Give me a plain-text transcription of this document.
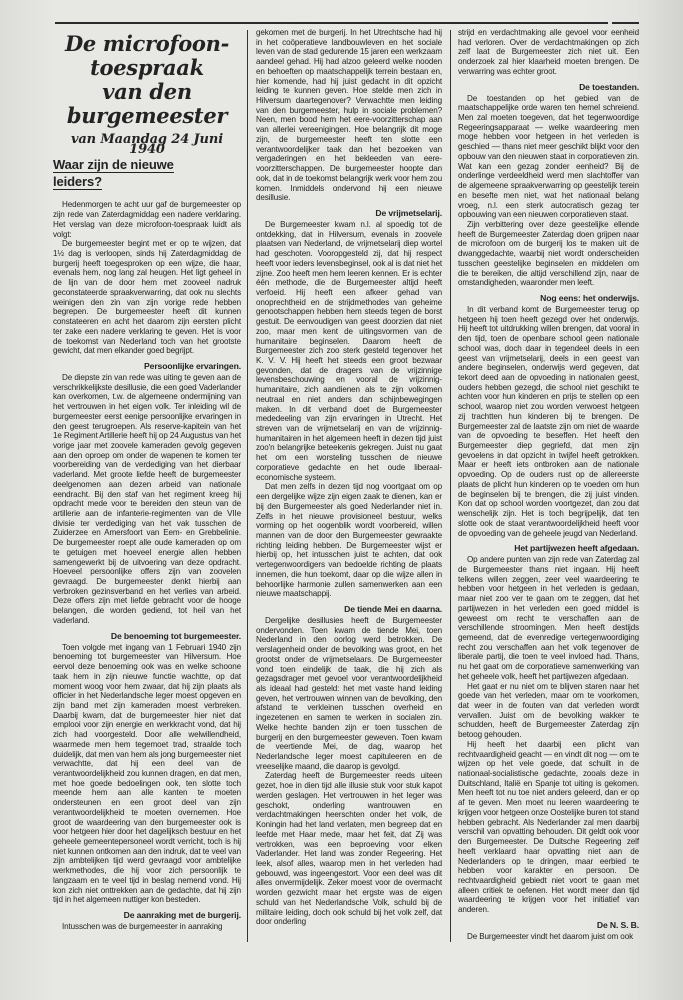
De microfoon-toespraak
van den
burgemeester
van Maandag 24 Juni 1940
Waar zijn de nieuwe
leiders?

Hedenmorgen te acht uur gaf de burgemeester op zijn rede van Zaterdagmiddag een nadere verklaring. Het verslag van deze microfoon-toespraak luidt als volgt:

De burgemeester begint met er op te wijzen, dat 1½ dag is verloopen, sinds hij Zaterdagmiddag de burgerij heeft toegesproken op een wijze, die haar, evenals hem, nog lang zal heugen. Het ligt geheel in de lijn van de door hem met zooveel nadruk geconstateerde spraakverwarring, dat ook nu slechts weinigen den zin van zijn vorige rede hebben begrepen. De burgemeester heeft dit kunnen constateeren en acht het daarom zijn eersten plicht ter zake een nadere verklaring te geven. Het is voor de toekomst van Nederland toch van het grootste gewicht, dat men elkander goed begrijpt.

Persoonlijke ervaringen.

De diepste zin van rede was uiting te geven aan de verschrikkelijkste desillusie, die een goed Vaderlander kan overkomen, t.w. de algemeene ondermijning van het vertrouwen in het eigen volk. Ter inleiding wil de burgemeester eerst eenige persoonlijke ervaringen in den geest terugroepen. Als reserve-kapitein van het 1e Regiment Artillerie heeft hij op 24 Augustus van het vorige jaar met zoovele kameraden gevolg gegeven aan den oproep om onder de wapenen te komen ter voorbereiding van de verdediging van het dierbaar vaderland. Met groote liefde heeft de burgemeester deelgenomen aan dezen arbeid van nationale eendracht. Bij den staf van het regiment kreeg hij opdracht mede voor te bereiden den steun van de artillerie aan de infanterie-regimenten van de VIIe divisie ter verdediging van het vak tusschen de Zuiderzee en Amersfoort van Eem- en Grebbelinie. De burgemeester roept alle oude kameraden op om te getuigen met hoeveel energie allen hebben samengewerkt bij de uitvoering van deze opdracht. Hoeveel persoonlijke offers zijn van zoovelen gevraagd. De burgemeester denkt hierbij aan verbroken gezinsverband en het verlies van arbeid. Deze offers zijn met liefde gebracht voor de hooge belangen, die worden gediend, tot heil van het vaderland.

De benoeming tot burgemeester.

Toen volgde met ingang van 1 Februari 1940 zijn benoeming tot burgemeester van Hilversum. Hoe eervol deze benoeming ook was en welke schoone taak hem in zijn nieuwe functie wachtte, op dat moment woog voor hem zwaar, dat hij zijn plaats als officier in het Nederlandsche leger moest opgeven en zijn band met zijn kameraden moest verbreken. Daarbij kwam, dat de burgemeester hier niet dat emplooi voor zijn energie en werkkracht vond, dat hij zich had voorgesteld. Door alle welwillendheid, waarmede men hem tegemoet trad, straalde toch duidelijk, dat men van hem als jong burgemeester niet verwachtte, dat hij een deel van de verantwoordelijkheid zou kunnen dragen, en dat men, met hoe goede bedoelingen ook, ten slotte toch meende hem aan alle kanten te moeten ondersteunen en een groot deel van zijn verantwoordelijkheid te moeten overnemen. Hoe groot de waardeering van den burgemeester ook is voor hetgeen hier door het dagelijksch bestuur en het geheele gemeentepersoneel wordt verricht, toch is hij niet kunnen ontkomen aan den indruk, dat te veel van zijn ambtelijken tijd werd gevraagd voor ambtelijke werkmethodes, die hij voor zich persoonlijk te langzaam en te veel tijd in beslag nemend vond. Hij kon zich niet onttrekken aan de gedachte, dat hij zijn tijd in het algemeen nuttiger kon besteden.

De aanraking met de burgerij.

Intusschen was de burgemeester in aanraking

gekomen met de burgerij. In het Utrechtsche had hij in het coöperatieve landbouwleven en het sociale leven van de stad gedurende 15 jaren een werkzaam aandeel gehad. Hij had alzoo geleerd welke nooden en behoeften op maatschappelijk terrein bestaan en, hier komende, had hij juist gedacht in dit opzicht leiding te kunnen geven. Hoe stelde men zich in Hilversum daartegenover? Verwachtte men leiding van den burgemeester, hulp in sociale problemen? Neen, men bood hem het eere-voorzitterschap aan van allerlei vereenigingen. Hoe belangrijk dit moge zijn, de burgemeester heeft ten slotte een verantwoordelijker taak dan het bezoeken van vergaderingen en het bekleeden van eere-voorzitterschappen. De burgemeester hoopte dan ook, dat in de toekomst belangrijk werk voor hem zou komen. Inmiddels ondervond hij een nieuwe desillusie.

De vrijmetselarij.

De Burgemeester kwam n.l. al spoedig tot de ontdekking, dat in Hilversum, evenals in zoovele plaatsen van Nederland, de vrijmetselarij diep wortel had geschoten. Vooropgesteld zij, dat hij respect heeft voor ieders levensbeginsel, ook al is dat niet het zijne. Zoo heeft men hem leeren kennen. Er is echter één methode, die de Burgemeester altijd heeft verfoeid. Hij heeft een afkeer gehad van onoprechtheid en de strijdmethodes van geheime genootschappen hebben hem steeds tegen de borst gestuit. De eenvoudigen van geest doorzien dat niet zoo, maar men kent de uitingsvormen van de humanitaire beginselen. Daarom heeft de Burgemeester zich zoo sterk gesteld tegenover het K. V. V. Hij heeft het steeds een groot bezwaar gevonden, dat de dragers van de vrijzinnige levensbeschouwing en vooral de vrijzinnig-humanitaire, zich aandienen als te zijn volkomen neutraal en niet anders dan schijnbewegingen maken. In dit verband doet de Burgemeester mededeeling van zijn ervaringen in Utrecht. Het streven van de vrijmetselarij en van de vrijzinnig-humanitairen in het algemeen heeft in dezen tijd juist zoo'n belangrijke beteekenis gekregen. Juist nu gaat het om een worsteling tusschen de nieuwe corporatieve gedachte en het oude liberaal-economische systeem.

Dat men zelfs in dezen tijd nog voortgaat om op een dergelijke wijze zijn eigen zaak te dienen, kan er bij den Burgemeester als goed Nederlander niet in. Zelfs in het nieuwe provisioneel bestuur, welks vorming op het oogenblik wordt voorbereid, willen mannen van de door den Burgemeester gewraakte richting leiding hebben. De Burgemeester wijst er hierbij op, het intusschen juist te achten, dat ook vertegenwoordigers van bedoelde richting de plaats innemen, die hun toekomt, daar op die wijze allen in behoorlijke harmonie zullen samenwerken aan een nieuwe maatschappij.

De tiende Mei en daarna.

Dergelijke desillusies heeft de Burgemeester ondervonden. Toen kwam de tiende Mei, toen Nederland in den oorlog werd betrokken. De verslagenheid onder de bevolking was groot, en het grootst onder de vrijmetselaars. De Burgemeester vond toen eindelijk de taak, die hij zich als gezagsdrager met gevoel voor verantwoordelijkheid als ideaal had gesteld: het met vaste hand leiding geven, het vertrouwen winnen van de bevolking, den afstand te verkleinen tusschen overheid en ingezetenen en samen te werken in socialen zin. Welke hechte banden zijn er toen tusschen de burgerij en den burgemeester geweven. Toen kwam de veertiende Mei, de dag, waarop het Nederlandsche leger moest capituleeren en de vreeselijke maand, die daarop is gevolgd.

Zaterdag heeft de Burgemeester reeds uiteen gezet, hoe in dien tijd alle illusie stuk voor stuk kapot werden geslagen. Het vertrouwen in het leger was geschokt, onderling wantrouwen en verdachtmakingen heerschten onder het volk, de Koningin had het land verlaten, men begreep dat en leefde met Haar mede, maar het feit, dat Zij was vertrokken, was een beproeving voor elken Vaderlander. Het land was zonder Regeering. Het leek, alsof alles, waarop men in het verleden had gebouwd, was ingeengestort. Voor een deel was dit alles onvermijdelijk. Zeker moest voor de overmacht worden gezwicht maar het ergste was de eigen schuld van het Nederlandsche Volk, schuld bij de militaire leiding, doch ook schuld bij het volk zelf, dat door onderling

strijd en verdachtmaking alle gevoel voor eenheid had verloren. Over de verdachtmakingen op zich zelf laat de Burgemeester zich niet uit. Een onderzoek zal hier klaarheid moeten brengen. De verwarring was echter groot.

De toestanden.

De toestanden op het gebied van de maatschappelijke orde waren ten hemel schreiend. Men zal moeten toegeven, dat het tegenwoordige Regeeringsapparaat — welke waardeering men moge hebben voor hetgeen in het verleden is geschied — thans niet meer geschikt blijkt voor den opbouw van den nieuwen staat in corporatieven zin. Wat kan een gezag zonder eenheid? Bij de onderlinge verdeeldheid werd men slachtoffer van de algemeene spraakverwarring op geestelijk terein en besefte men niet, wat het nationaal belang vroeg, n.l. een sterk autocratisch gezag ter opbouwing van een nieuwen corporatieven staat.

Zijn verbittering over deze geestelijke ellende heeft de Burgemeester Zaterdag doen grijpen naar de microfoon om de burgerij los te maken uit de dwanggedachte, waarbij niet wordt onderscheiden tusschen geestelijke beginselen en middelen om die te bereiken, die altijd verschillend zijn, naar de omstandigheden, waaronder men leeft.

Nog eens: het onderwijs.

In dit verband komt de Burgemeester terug op hetgeen hij toen heeft gezegd over het onderwijs. Hij heeft tot uitdrukking willen brengen, dat vooral in den tijd, toen de openbare school geen nationale school was, doch daar in tegendeel deels in een geest van vrijmetselarij, deels in een geest van andere beginselen, onderwijs werd gegeven, dat tekort deed aan de opvoeding in nationalen geest, ouders hebben gezegd, die school niet geschikt te achten voor hun kinderen en prijs te stellen op een school, waarop niet zou worden verwoest hetgeen zij trachtten hun kinderen bij te brengen. De Burgemeester zal de laatste zijn om niet de waarde van de opvoeding te beseffen. Het heeft den Burgemeester diep gegriefd, dat men zijn gevoelens in dat opzicht in twijfel heeft getrokken. Maar er heeft iets ontbroken aan de nationale opvoeding. Op de ouders rust op de allereerste plaats de plicht hun kinderen op te voeden om hun de beginselen bij te brengen, die zij juist vinden. Kon dat op school worden voortgezet, dan zou dat wenschelijk zijn. Het is toch begrijpelijk, dat ten slotte ook de staat verantwoordelijkheid heeft voor de opvoeding van de geheele jeugd van Nederland.

Het partijwezen heeft afgedaan.

Op andere punten van zijn rede van Zaterdag zal de Burgemeester thans niet ingaan. Hij heeft telkens willen zeggen, zeer veel waardeering te hebben voor hetgeen in het verleden is gedaan, maar niet zoo ver te gaan om te zeggen, dat het partijwezen in het verleden een goed middel is geweest om recht te verschaffen aan de verschillende stroomingen. Men heeft destijds gemeend, dat de evenredige vertegenwoordiging recht zou verschaffen aan het volk tegenover de liberale partij, die toen te veel invloed had. Thans, nu het gaat om de corporatieve samenwerking van het geheele volk, heeft het partijwezen afgedaan.

Het gaat er nu niet om te blijven staren naar het goede van het verleden, maar om te voorkomen, dat weer in de fouten van dat verleden wordt vervallen. Juist om de bevolking wakker te schudden, heeft de Burgemeester Zaterdag zijn betoog gehouden.

Hij heeft het daarbij een plicht van rechtvaardigheid geacht — en vindt dit nog — om te wijzen op het vele goede, dat schuilt in de nationaal-socialistische gedachte, zooals deze in Duitschland, Italië en Spanje tot uiting is gekomen. Men heeft tot nu toe niet anders geleerd, dan er op af te geven. Men moet nu leeren waardeering te krijgen voor hetgeen onze Oostelijke buren tot stand hebben gebracht. Als Nederlander zal men daarbij verschil van opvatting behouden. Dit geldt ook voor den Burgemeester. De Duitsche Regeering zelf heeft verklaard haar opvatting niet aan de Nederlanders op te dringen, maar eerbied te hebben voor karakter en persoon. De rechtvaardigheid gebiedt niet voort te gaan met alleen critiek te oefenen. Het wordt meer dan tijd waardeering te krijgen voor het initiatief van anderen.

De N. S. B.

De Burgemeester vindt het daarom juist om ook
